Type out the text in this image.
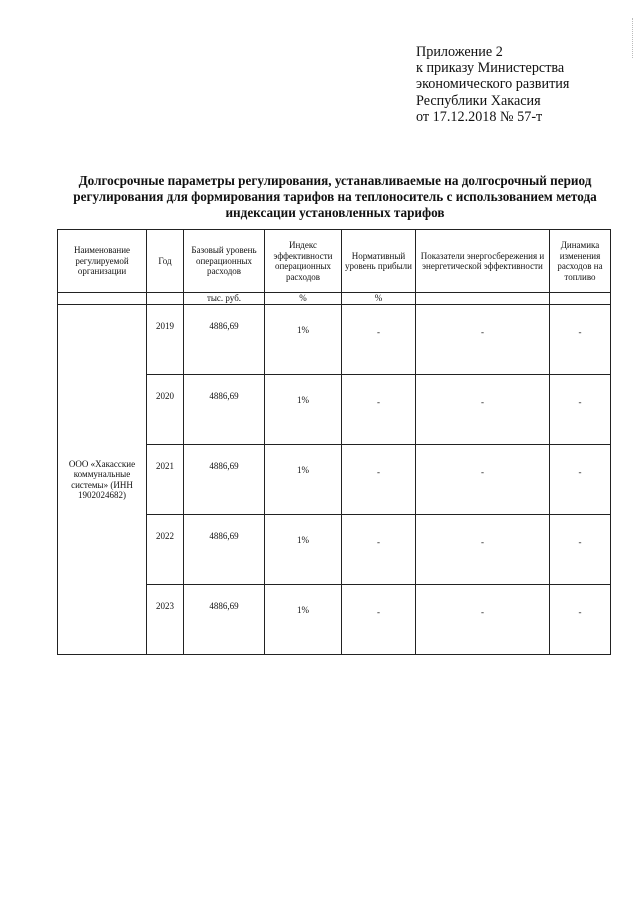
Приложение 2
к приказу Министерства
экономического развития
Республики Хакасия
от 17.12.2018 № 57-т
Долгосрочные параметры регулирования, устанавливаемые на долгосрочный период регулирования для формирования тарифов на теплоноситель с использованием метода индексации установленных тарифов
Наименование регулируемой организации	Год	Базовый уровень операционных расходов	Индекс эффективности операционных расходов	Нормативный уровень прибыли	Показатели энергосбережения и энергетической эффективности	Динамика изменения расходов на топливо
		тыс. руб.	%	%		
ООО «Хакасские коммунальные системы» (ИНН 1902024682)	2019	4886,69	1%	-	-	-
	2020	4886,69	1%	-	-	-
	2021	4886,69	1%	-	-	-
	2022	4886,69	1%	-	-	-
	2023	4886,69	1%	-	-	-
